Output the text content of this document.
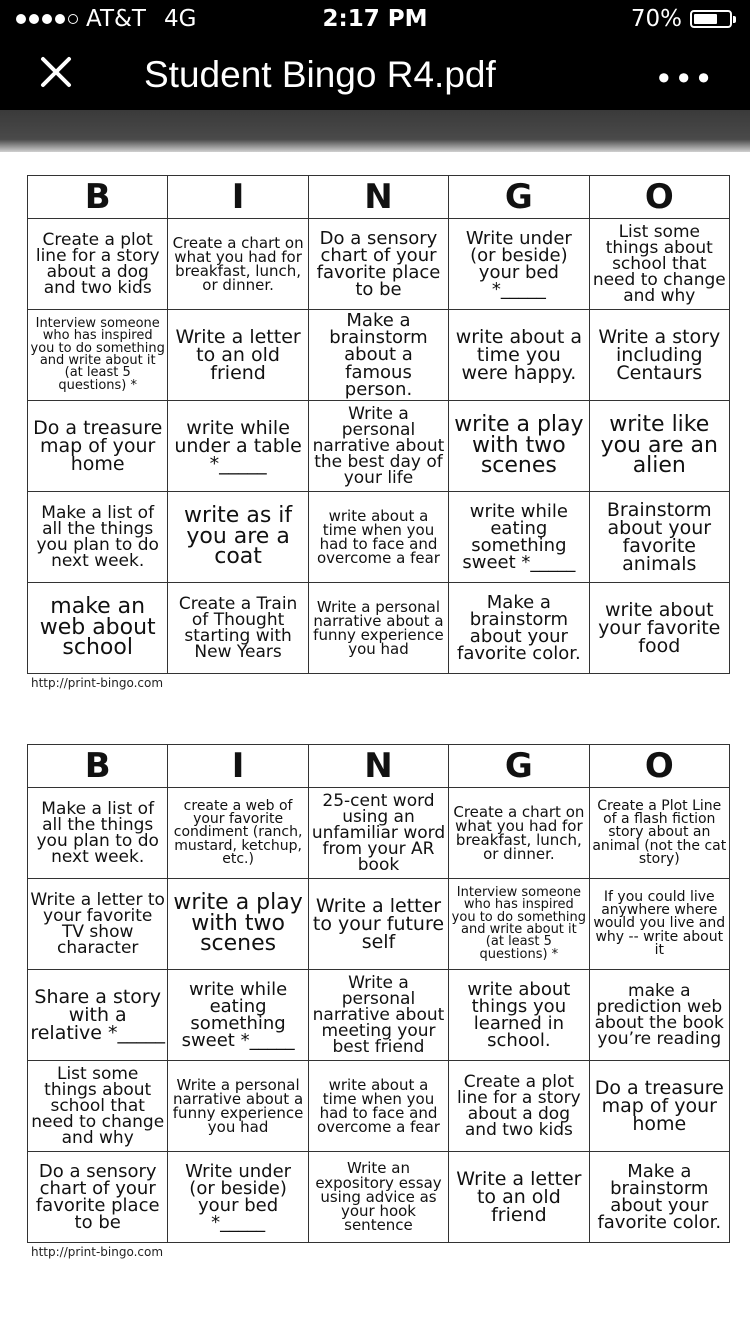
AT&T 4G	2:17 PM	70%
Student Bingo R4.pdf	•••
B	I	N	G	O
Create a plot line for a story about a dog and two kids	Create a chart on what you had for breakfast, lunch, or dinner.	Do a sensory chart of your favorite place to be	Write under (or beside) your bed *_____	List some things about school that need to change and why
Interview someone who has inspired you to do something and write about it (at least 5 questions) *	Write a letter to an old friend	Make a brainstorm about a famous person.	write about a time you were happy.	Write a story including Centaurs
Do a treasure map of your home	write while under a table *_____	Write a personal narrative about the best day of your life	write a play with two scenes	write like you are an alien
Make a list of all the things you plan to do next week.	write as if you are a coat	write about a time when you had to face and overcome a fear	write while eating something sweet *_____	Brainstorm about your favorite animals
make an web about school	Create a Train of Thought starting with New Years	Write a personal narrative about a funny experience you had	Make a brainstorm about your favorite color.	write about your favorite food
http://print-bingo.com
B	I	N	G	O
Make a list of all the things you plan to do next week.	create a web of your favorite condiment (ranch, mustard, ketchup, etc.)	25-cent word using an unfamiliar word from your AR book	Create a chart on what you had for breakfast, lunch, or dinner.	Create a Plot Line of a flash fiction story about an animal (not the cat story)
Write a letter to your favorite TV show character	write a play with two scenes	Write a letter to your future self	Interview someone who has inspired you to do something and write about it (at least 5 questions) *	If you could live anywhere where would you live and why -- write about it
Share a story with a relative *_____	write while eating something sweet *_____	Write a personal narrative about meeting your best friend	write about things you learned in school.	make a prediction web about the book you’re reading
List some things about school that need to change and why	Write a personal narrative about a funny experience you had	write about a time when you had to face and overcome a fear	Create a plot line for a story about a dog and two kids	Do a treasure map of your home
Do a sensory chart of your favorite place to be	Write under (or beside) your bed *_____	Write an expository essay using advice as your hook sentence	Write a letter to an old friend	Make a brainstorm about your favorite color.
http://print-bingo.com
